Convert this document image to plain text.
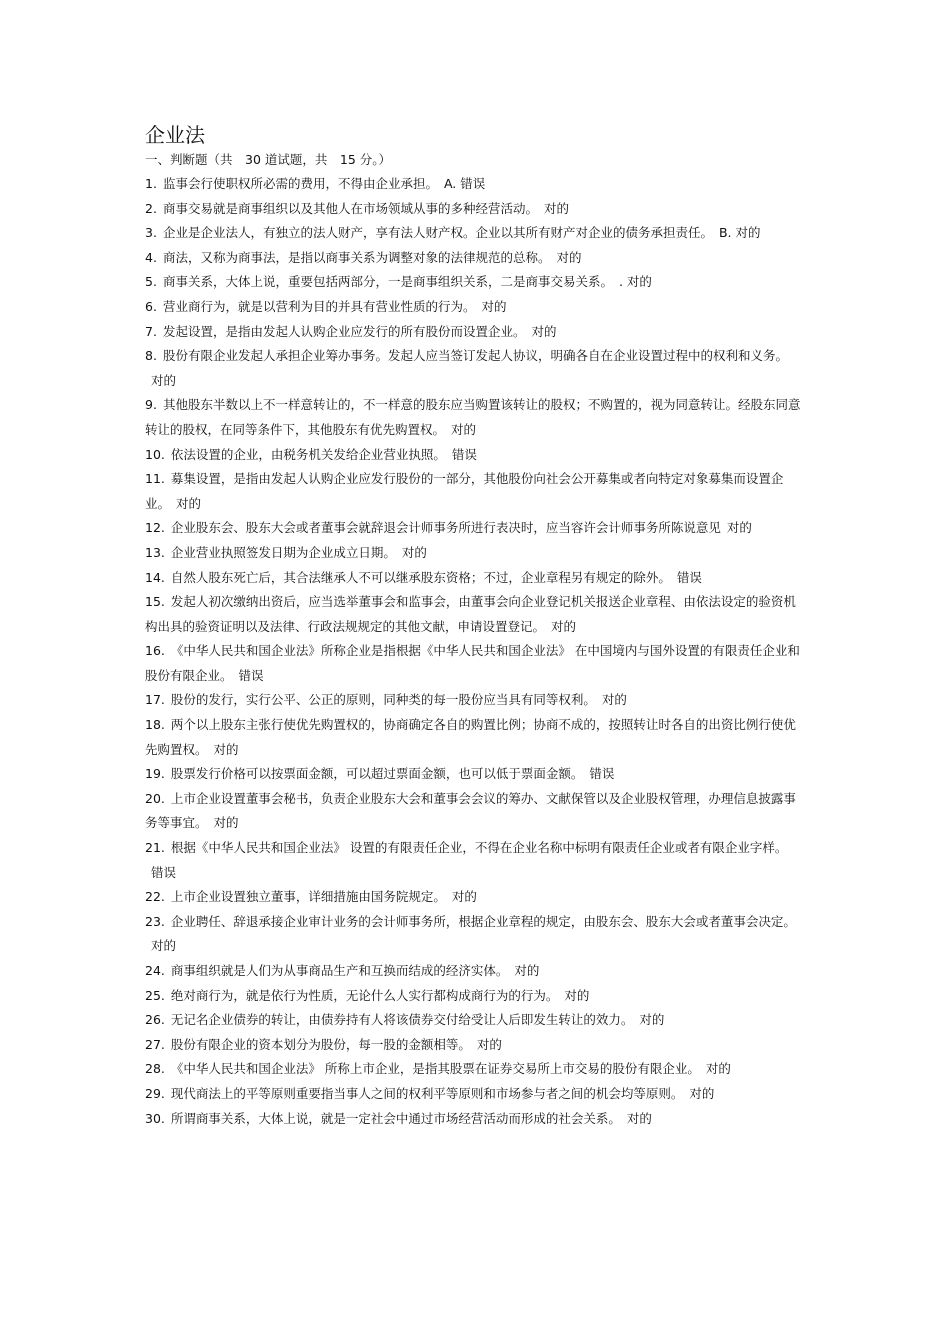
企业法

一、判断题（共　30 道试题，共　15 分。）

1. 监事会行使职权所必需的费用，不得由企业承担。 A. 错误
2. 商事交易就是商事组织以及其他人在市场领域从事的多种经营活动。 对的
3. 企业是企业法人，有独立的法人财产，享有法人财产权。企业以其所有财产对企业的债务承担责任。 B. 对的
4. 商法，又称为商事法，是指以商事关系为调整对象的法律规范的总称。 对的
5. 商事关系，大体上说，重要包括两部分，一是商事组织关系，二是商事交易关系。 . 对的
6. 营业商行为，就是以营利为目的并具有营业性质的行为。 对的
7. 发起设置，是指由发起人认购企业应发行的所有股份而设置企业。 对的
8. 股份有限企业发起人承担企业筹办事务。发起人应当签订发起人协议，明确各自在企业设置过程中的权利和义务。对的
9. 其他股东半数以上不一样意转让的，不一样意的股东应当购置该转让的股权；不购置的，视为同意转让。经股东同意转让的股权，在同等条件下，其他股东有优先购置权。 对的
10. 依法设置的企业，由税务机关发给企业营业执照。 错误
11. 募集设置，是指由发起人认购企业应发行股份的一部分，其他股份向社会公开募集或者向特定对象募集而设置企业。 对的
12. 企业股东会、股东大会或者董事会就辞退会计师事务所进行表决时，应当容许会计师事务所陈说意见 对的
13. 企业营业执照签发日期为企业成立日期。 对的
14. 自然人股东死亡后，其合法继承人不可以继承股东资格；不过，企业章程另有规定的除外。 错误
15. 发起人初次缴纳出资后，应当选举董事会和监事会，由董事会向企业登记机关报送企业章程、由依法设定的验资机构出具的验资证明以及法律、行政法规规定的其他文献，申请设置登记。 对的
16. 《中华人民共和国企业法》所称企业是指根据《中华人民共和国企业法》 在中国境内与国外设置的有限责任企业和股份有限企业。 错误
17. 股份的发行，实行公平、公正的原则，同种类的每一股份应当具有同等权利。 对的
18. 两个以上股东主张行使优先购置权的，协商确定各自的购置比例；协商不成的，按照转让时各自的出资比例行使优先购置权。 对的
19. 股票发行价格可以按票面金额，可以超过票面金额，也可以低于票面金额。 错误
20. 上市企业设置董事会秘书，负责企业股东大会和董事会会议的筹办、文献保管以及企业股权管理，办理信息披露事务等事宜。 对的
21. 根据《中华人民共和国企业法》 设置的有限责任企业，不得在企业名称中标明有限责任企业或者有限企业字样。错误
22. 上市企业设置独立董事，详细措施由国务院规定。 对的
23. 企业聘任、辞退承接企业审计业务的会计师事务所，根据企业章程的规定，由股东会、股东大会或者董事会决定。对的
24. 商事组织就是人们为从事商品生产和互换而结成的经济实体。 对的
25. 绝对商行为，就是依行为性质，无论什么人实行都构成商行为的行为。 对的
26. 无记名企业债券的转让，由债券持有人将该债券交付给受让人后即发生转让的效力。 对的
27. 股份有限企业的资本划分为股份，每一股的金额相等。 对的
28. 《中华人民共和国企业法》 所称上市企业，是指其股票在证券交易所上市交易的股份有限企业。 对的
29. 现代商法上的平等原则重要指当事人之间的权利平等原则和市场参与者之间的机会均等原则。 对的
30. 所谓商事关系，大体上说，就是一定社会中通过市场经营活动而形成的社会关系。 对的
